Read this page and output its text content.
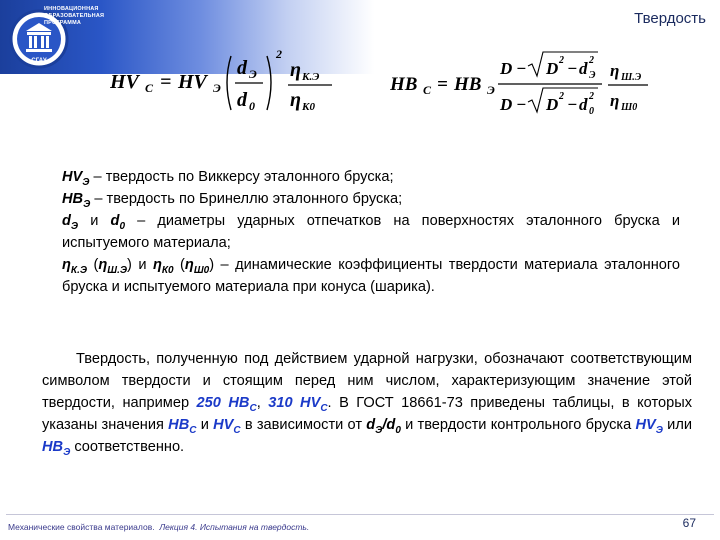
СГАУ
ИННОВАЦИОННАЯ
ОБРАЗОВАТЕЛЬНАЯ
ПРОГРАММА	Твердость
HV C = HV Э
d Э
d 0
2
η К.Э
η К0
HB C = HB Э
D − D 2 − d 2
Э
D − D 2 − d 2
0
η Ш.Э
η Ш0

$HV_Э$ – твердость по Виккерсу эталонного бруска;

$HB_Э$ – твердость по Бринеллю эталонного бруска;

$d_Э$ и $d_0$ – диаметры ударных отпечатков на поверхностях эталонного бруска и испытуемого материала;

$\eta_{К.Э}$ $(\eta_{Ш.Э})$ и $\eta_{К0}$ $(\eta_{Ш0})$ – динамические коэффициенты твердости материала эталонного бруска и испытуемого материала при конуса (шарика).

Твердость, полученную под действием ударной нагрузки, обозначают соответствующим символом твердости и стоящим перед ним числом, характеризующим значение этой твердости, например 250 $HB_C$, 310 $HV_C$. В ГОСТ 18661-73 приведены таблицы, в которых указаны значения $HB_C$ и $HV_C$ в зависимости от $d_Э/d_0$ и твердости контрольного бруска $HV_Э$ или $HB_Э$ соответственно.
Механические свойства материалов. Лекция 4. Испытания на твердость.	67
